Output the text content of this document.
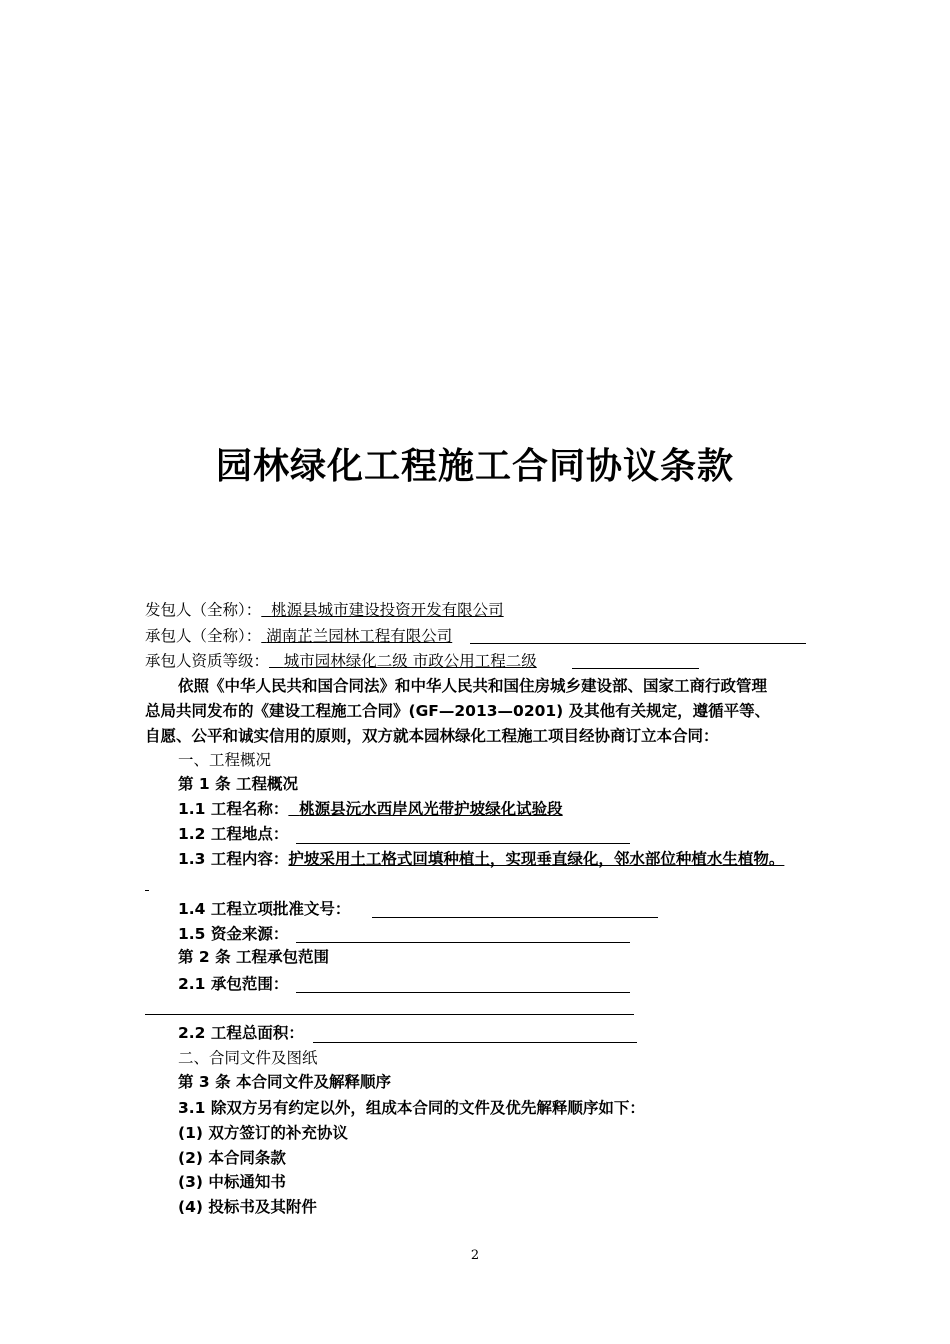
园林绿化工程施工合同协议条款
发包人（全称）： 桃源县城市建设投资开发有限公司
承包人（全称）： 湖南芷兰园林工程有限公司
承包人资质等级： 城市园林绿化二级 市政公用工程二级
依照《中华人民共和国合同法》和中华人民共和国住房城乡建设部、国家工商行政管理
总局共同发布的《建设工程施工合同》(GF—2013—0201) 及其他有关规定，遵循平等、
自愿、公平和诚实信用的原则，双方就本园林绿化工程施工项目经协商订立本合同：
一、工程概况
第 1 条 工程概况
1.1 工程名称： 桃源县沅水西岸风光带护坡绿化试验段
1.2 工程地点：
1.3 工程内容：护坡采用土工格式回填种植土，实现垂直绿化，邻水部位种植水生植物。
1.4 工程立项批准文号：
1.5 资金来源：
第 2 条 工程承包范围
2.1 承包范围：
2.2 工程总面积：
二、合同文件及图纸
第 3 条 本合同文件及解释顺序
3.1 除双方另有约定以外，组成本合同的文件及优先解释顺序如下：
(1) 双方签订的补充协议
(2) 本合同条款
(3) 中标通知书
(4) 投标书及其附件
2
